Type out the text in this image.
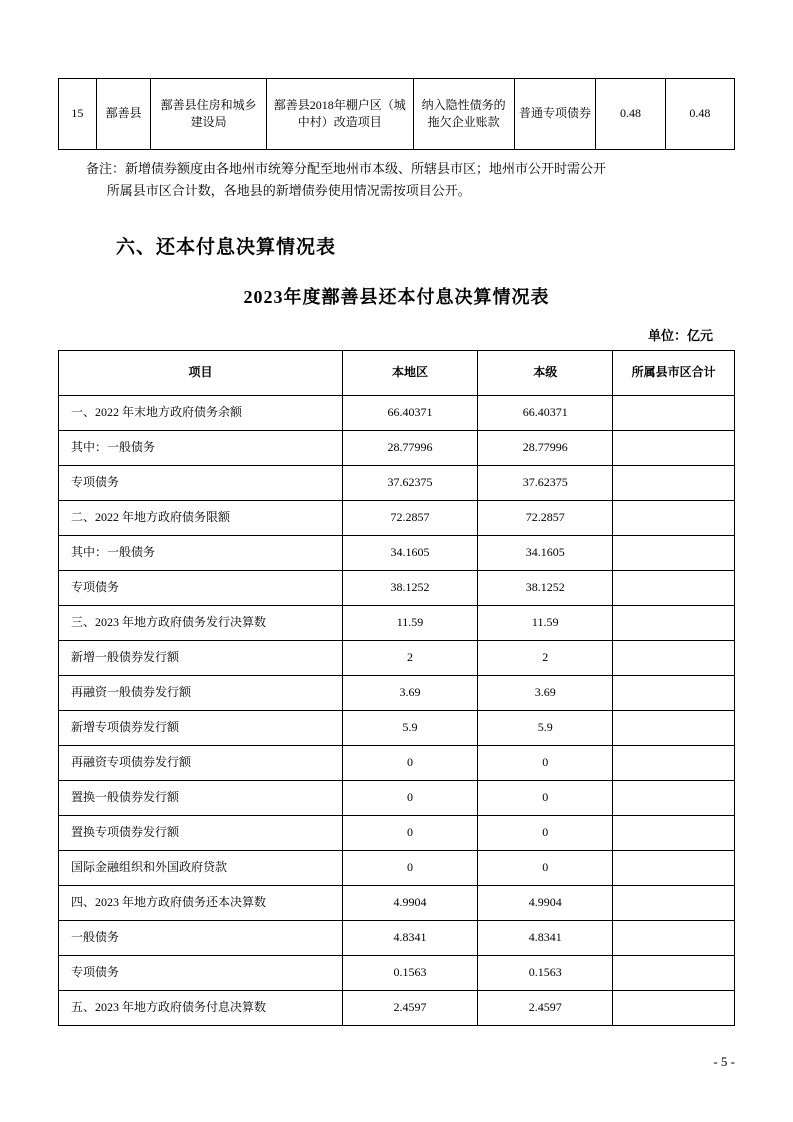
15	鄯善县	鄯善县住房和城乡建设局	鄯善县2018年棚户区（城中村）改造项目	纳入隐性债务的拖欠企业账款	普通专项债券	0.48	0.48
备注：新增债券额度由各地州市统筹分配至地州市本级、所辖县市区；地州市公开时需公开
所属县市区合计数，各地县的新增债券使用情况需按项目公开。
六、还本付息决算情况表
2023年度鄯善县还本付息决算情况表
单位：亿元
项目	本地区	本级	所属县市区合计
一、2022 年末地方政府债务余额	66.40371	66.40371	
其中：一般债务	28.77996	28.77996	
专项债务	37.62375	37.62375	
二、2022 年地方政府债务限额	72.2857	72.2857	
其中：一般债务	34.1605	34.1605	
专项债务	38.1252	38.1252	
三、2023 年地方政府债务发行决算数	11.59	11.59	
新增一般债券发行额	2	2	
再融资一般债券发行额	3.69	3.69	
新增专项债券发行额	5.9	5.9	
再融资专项债券发行额	0	0	
置换一般债券发行额	0	0	
置换专项债券发行额	0	0	
国际金融组织和外国政府贷款	0	0	
四、2023 年地方政府债务还本决算数	4.9904	4.9904	
一般债务	4.8341	4.8341	
专项债务	0.1563	0.1563	
五、2023 年地方政府债务付息决算数	2.4597	2.4597	
- 5 -
